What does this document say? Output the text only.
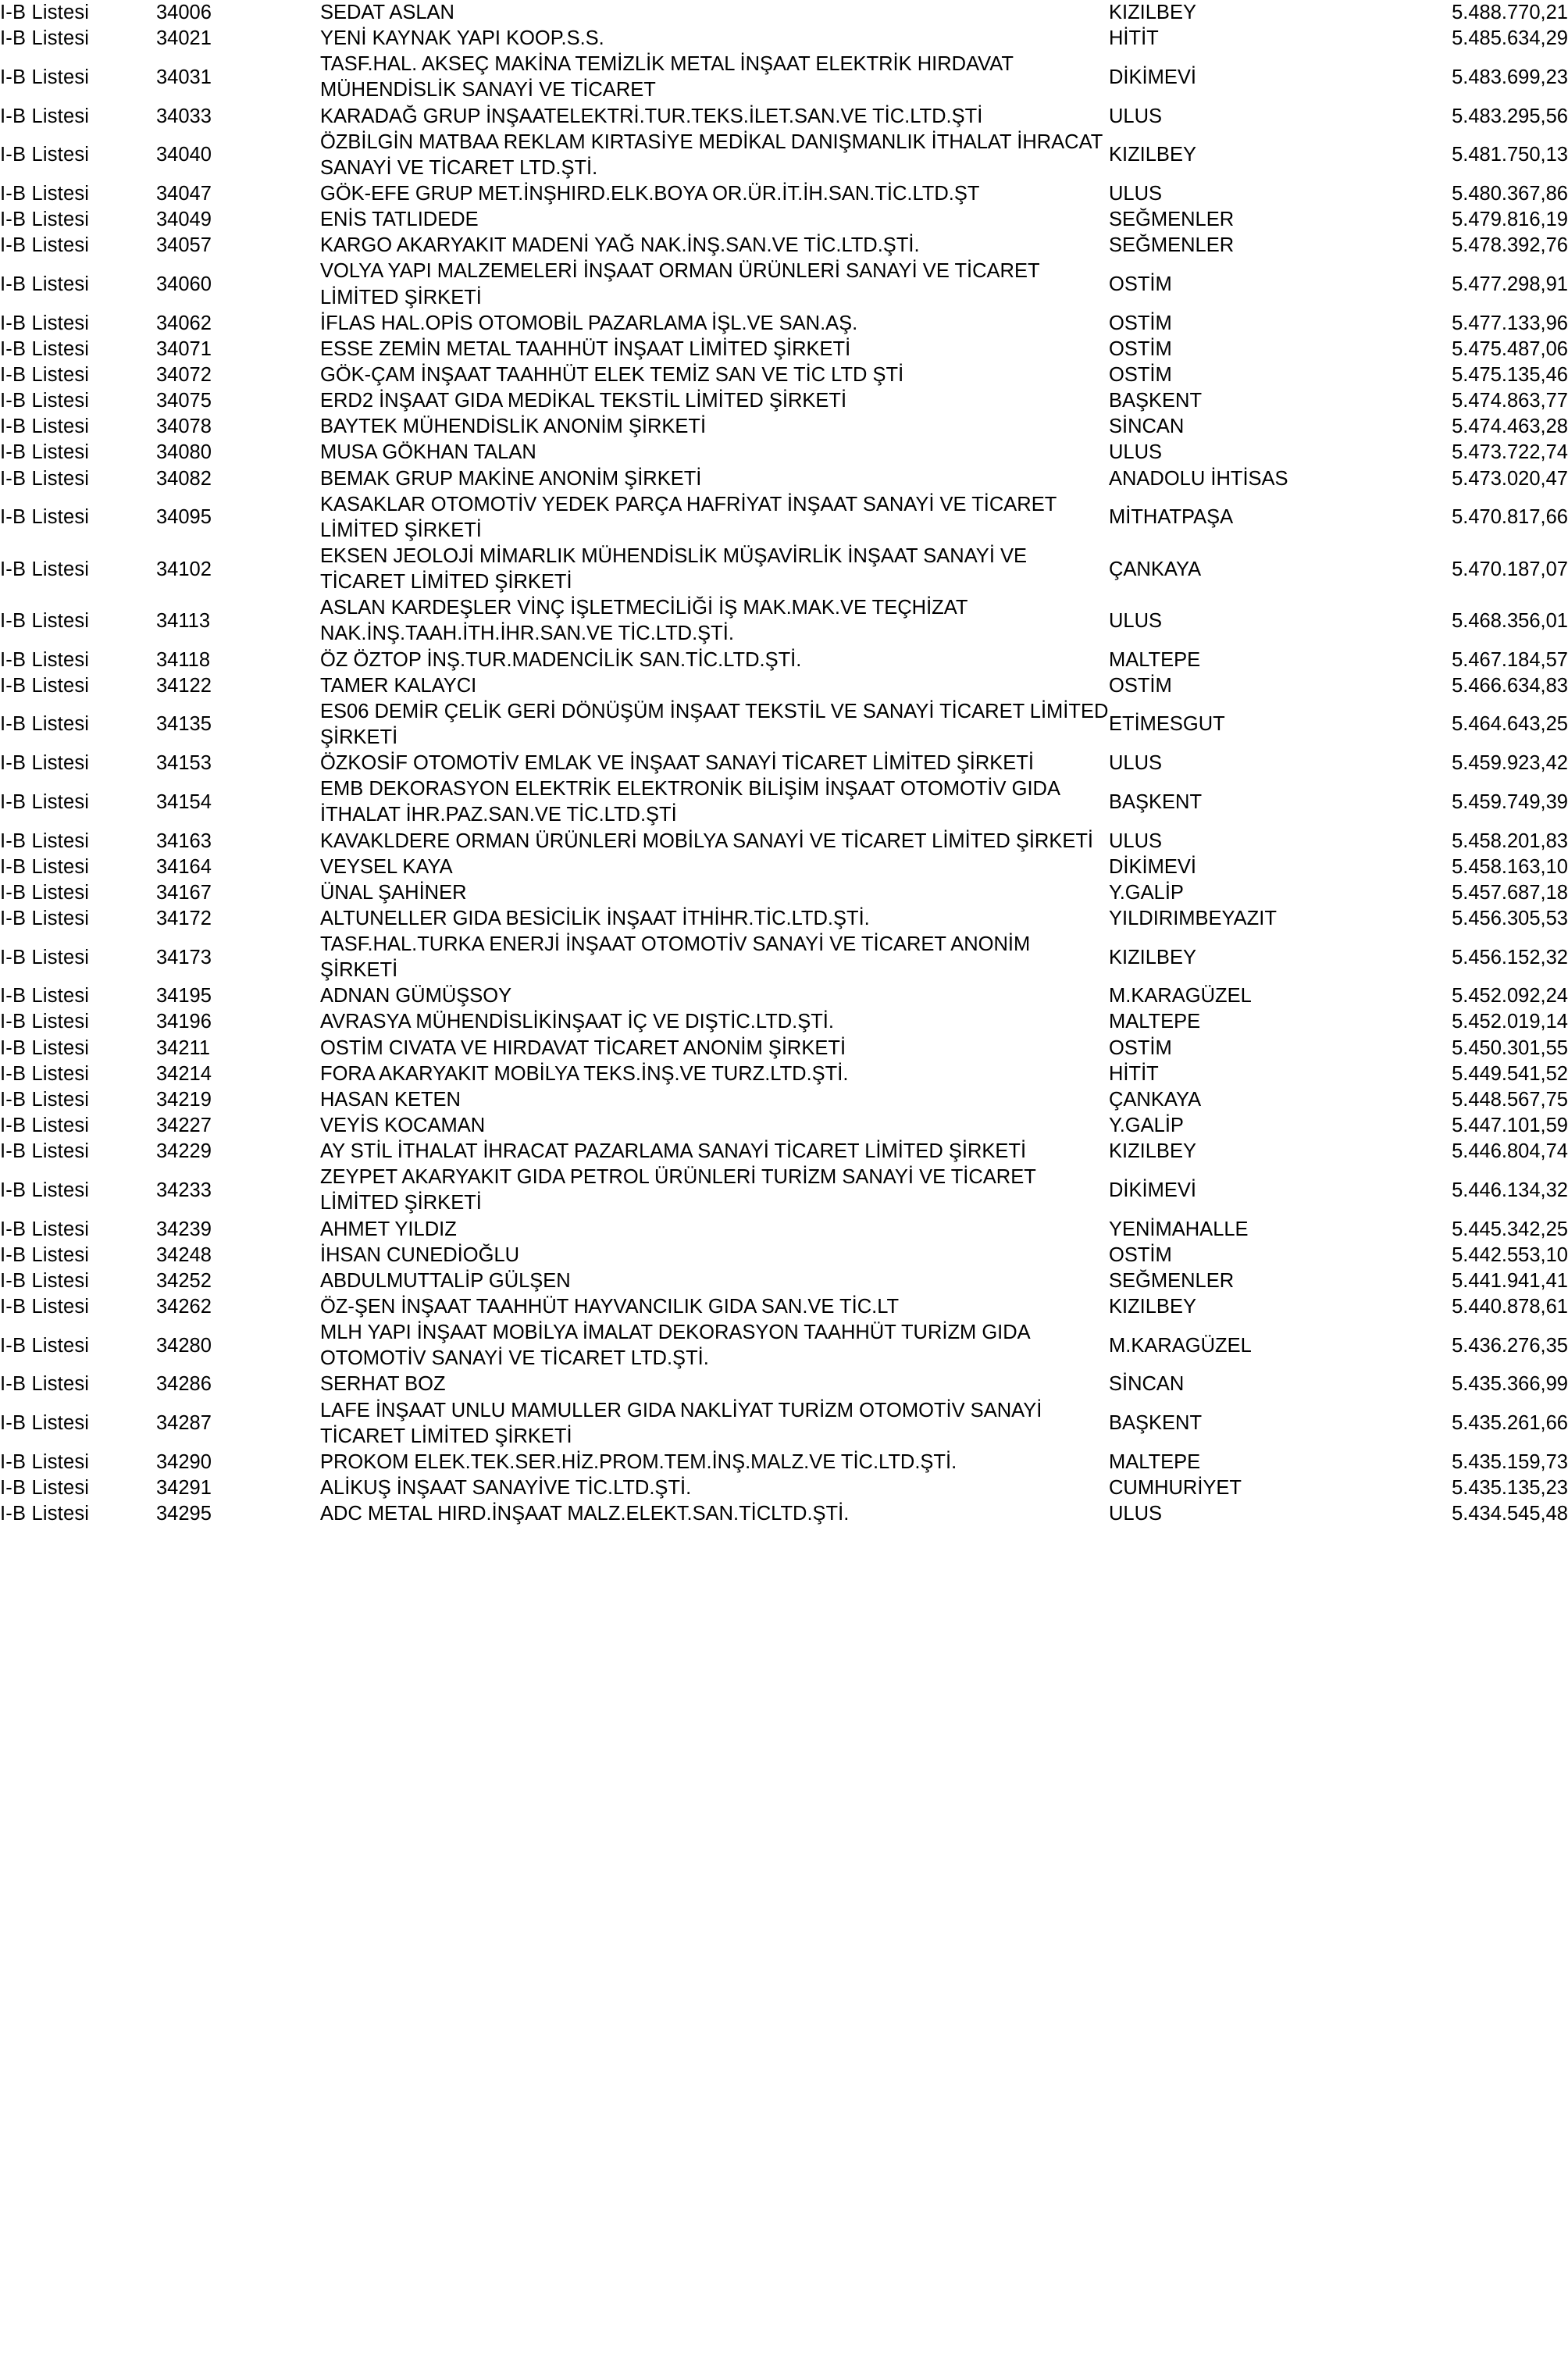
I-B Listesi	34006	SEDAT ASLAN	KIZILBEY	5.488.770,21
I-B Listesi	34021	YENİ KAYNAK YAPI KOOP.S.S.	HİTİT	5.485.634,29
I-B Listesi	34031	TASF.HAL. AKSEÇ MAKİNA TEMİZLİK METAL İNŞAAT ELEKTRİK HIRDAVAT MÜHENDİSLİK SANAYİ VE TİCARET	DİKİMEVİ	5.483.699,23
I-B Listesi	34033	KARADAĞ GRUP İNŞAATELEKTRİ.TUR.TEKS.İLET.SAN.VE TİC.LTD.ŞTİ	ULUS	5.483.295,56
I-B Listesi	34040	ÖZBİLGİN MATBAA REKLAM KIRTASİYE MEDİKAL DANIŞMANLIK İTHALAT İHRACAT SANAYİ VE TİCARET LTD.ŞTİ.	KIZILBEY	5.481.750,13
I-B Listesi	34047	GÖK-EFE GRUP MET.İNŞHIRD.ELK.BOYA OR.ÜR.İT.İH.SAN.TİC.LTD.ŞT	ULUS	5.480.367,86
I-B Listesi	34049	ENİS TATLIDEDE	SEĞMENLER	5.479.816,19
I-B Listesi	34057	KARGO AKARYAKIT MADENİ YAĞ NAK.İNŞ.SAN.VE TİC.LTD.ŞTİ.	SEĞMENLER	5.478.392,76
I-B Listesi	34060	VOLYA YAPI MALZEMELERİ İNŞAAT ORMAN ÜRÜNLERİ SANAYİ VE TİCARET LİMİTED ŞİRKETİ	OSTİM	5.477.298,91
I-B Listesi	34062	İFLAS HAL.OPİS OTOMOBİL PAZARLAMA İŞL.VE SAN.AŞ.	OSTİM	5.477.133,96
I-B Listesi	34071	ESSE ZEMİN METAL TAAHHÜT İNŞAAT LİMİTED ŞİRKETİ	OSTİM	5.475.487,06
I-B Listesi	34072	GÖK-ÇAM İNŞAAT TAAHHÜT ELEK TEMİZ SAN VE TİC LTD ŞTİ	OSTİM	5.475.135,46
I-B Listesi	34075	ERD2 İNŞAAT GIDA MEDİKAL TEKSTİL LİMİTED ŞİRKETİ	BAŞKENT	5.474.863,77
I-B Listesi	34078	BAYTEK MÜHENDİSLİK ANONİM ŞİRKETİ	SİNCAN	5.474.463,28
I-B Listesi	34080	MUSA GÖKHAN TALAN	ULUS	5.473.722,74
I-B Listesi	34082	BEMAK GRUP MAKİNE ANONİM ŞİRKETİ	ANADOLU İHTİSAS	5.473.020,47
I-B Listesi	34095	KASAKLAR OTOMOTİV YEDEK PARÇA HAFRİYAT İNŞAAT SANAYİ VE TİCARET LİMİTED ŞİRKETİ	MİTHATPAŞA	5.470.817,66
I-B Listesi	34102	EKSEN JEOLOJİ MİMARLIK MÜHENDİSLİK MÜŞAVİRLİK İNŞAAT SANAYİ VE TİCARET LİMİTED ŞİRKETİ	ÇANKAYA	5.470.187,07
I-B Listesi	34113	ASLAN KARDEŞLER VİNÇ İŞLETMECİLİĞİ İŞ MAK.MAK.VE TEÇHİZAT NAK.İNŞ.TAAH.İTH.İHR.SAN.VE TİC.LTD.ŞTİ.	ULUS	5.468.356,01
I-B Listesi	34118	ÖZ ÖZTOP İNŞ.TUR.MADENCİLİK SAN.TİC.LTD.ŞTİ.	MALTEPE	5.467.184,57
I-B Listesi	34122	TAMER KALAYCI	OSTİM	5.466.634,83
I-B Listesi	34135	ES06 DEMİR ÇELİK GERİ DÖNÜŞÜM İNŞAAT TEKSTİL VE SANAYİ TİCARET LİMİTED ŞİRKETİ	ETİMESGUT	5.464.643,25
I-B Listesi	34153	ÖZKOSİF OTOMOTİV EMLAK VE İNŞAAT SANAYİ TİCARET LİMİTED ŞİRKETİ	ULUS	5.459.923,42
I-B Listesi	34154	EMB DEKORASYON ELEKTRİK ELEKTRONİK BİLİŞİM İNŞAAT OTOMOTİV GIDA İTHALAT İHR.PAZ.SAN.VE TİC.LTD.ŞTİ	BAŞKENT	5.459.749,39
I-B Listesi	34163	KAVAKLDERE ORMAN ÜRÜNLERİ MOBİLYA SANAYİ VE TİCARET LİMİTED ŞİRKETİ	ULUS	5.458.201,83
I-B Listesi	34164	VEYSEL KAYA	DİKİMEVİ	5.458.163,10
I-B Listesi	34167	ÜNAL ŞAHİNER	Y.GALİP	5.457.687,18
I-B Listesi	34172	ALTUNELLER GIDA BESİCİLİK İNŞAAT İTHİHR.TİC.LTD.ŞTİ.	YILDIRIMBEYAZIT	5.456.305,53
I-B Listesi	34173	TASF.HAL.TURKA ENERJİ İNŞAAT OTOMOTİV SANAYİ VE TİCARET ANONİM ŞİRKETİ	KIZILBEY	5.456.152,32
I-B Listesi	34195	ADNAN GÜMÜŞSOY	M.KARAGÜZEL	5.452.092,24
I-B Listesi	34196	AVRASYA MÜHENDİSLİKİNŞAAT İÇ VE DIŞTİC.LTD.ŞTİ.	MALTEPE	5.452.019,14
I-B Listesi	34211	OSTİM CIVATA VE HIRDAVAT TİCARET ANONİM ŞİRKETİ	OSTİM	5.450.301,55
I-B Listesi	34214	FORA AKARYAKIT MOBİLYA TEKS.İNŞ.VE TURZ.LTD.ŞTİ.	HİTİT	5.449.541,52
I-B Listesi	34219	HASAN KETEN	ÇANKAYA	5.448.567,75
I-B Listesi	34227	VEYİS KOCAMAN	Y.GALİP	5.447.101,59
I-B Listesi	34229	AY STİL İTHALAT İHRACAT PAZARLAMA SANAYİ TİCARET LİMİTED ŞİRKETİ	KIZILBEY	5.446.804,74
I-B Listesi	34233	ZEYPET AKARYAKIT GIDA PETROL ÜRÜNLERİ TURİZM SANAYİ VE TİCARET LİMİTED ŞİRKETİ	DİKİMEVİ	5.446.134,32
I-B Listesi	34239	AHMET YILDIZ	YENİMAHALLE	5.445.342,25
I-B Listesi	34248	İHSAN CUNEDİOĞLU	OSTİM	5.442.553,10
I-B Listesi	34252	ABDULMUTTALİP GÜLŞEN	SEĞMENLER	5.441.941,41
I-B Listesi	34262	ÖZ-ŞEN İNŞAAT TAAHHÜT HAYVANCILIK GIDA SAN.VE TİC.LT	KIZILBEY	5.440.878,61
I-B Listesi	34280	MLH YAPI İNŞAAT MOBİLYA İMALAT DEKORASYON TAAHHÜT TURİZM GIDA OTOMOTİV SANAYİ VE TİCARET LTD.ŞTİ.	M.KARAGÜZEL	5.436.276,35
I-B Listesi	34286	SERHAT BOZ	SİNCAN	5.435.366,99
I-B Listesi	34287	LAFE İNŞAAT UNLU MAMULLER GIDA NAKLİYAT TURİZM OTOMOTİV SANAYİ TİCARET LİMİTED ŞİRKETİ	BAŞKENT	5.435.261,66
I-B Listesi	34290	PROKOM ELEK.TEK.SER.HİZ.PROM.TEM.İNŞ.MALZ.VE TİC.LTD.ŞTİ.	MALTEPE	5.435.159,73
I-B Listesi	34291	ALİKUŞ İNŞAAT SANAYİVE TİC.LTD.ŞTİ.	CUMHURİYET	5.435.135,23
I-B Listesi	34295	ADC METAL HIRD.İNŞAAT MALZ.ELEKT.SAN.TİCLTD.ŞTİ.	ULUS	5.434.545,48
